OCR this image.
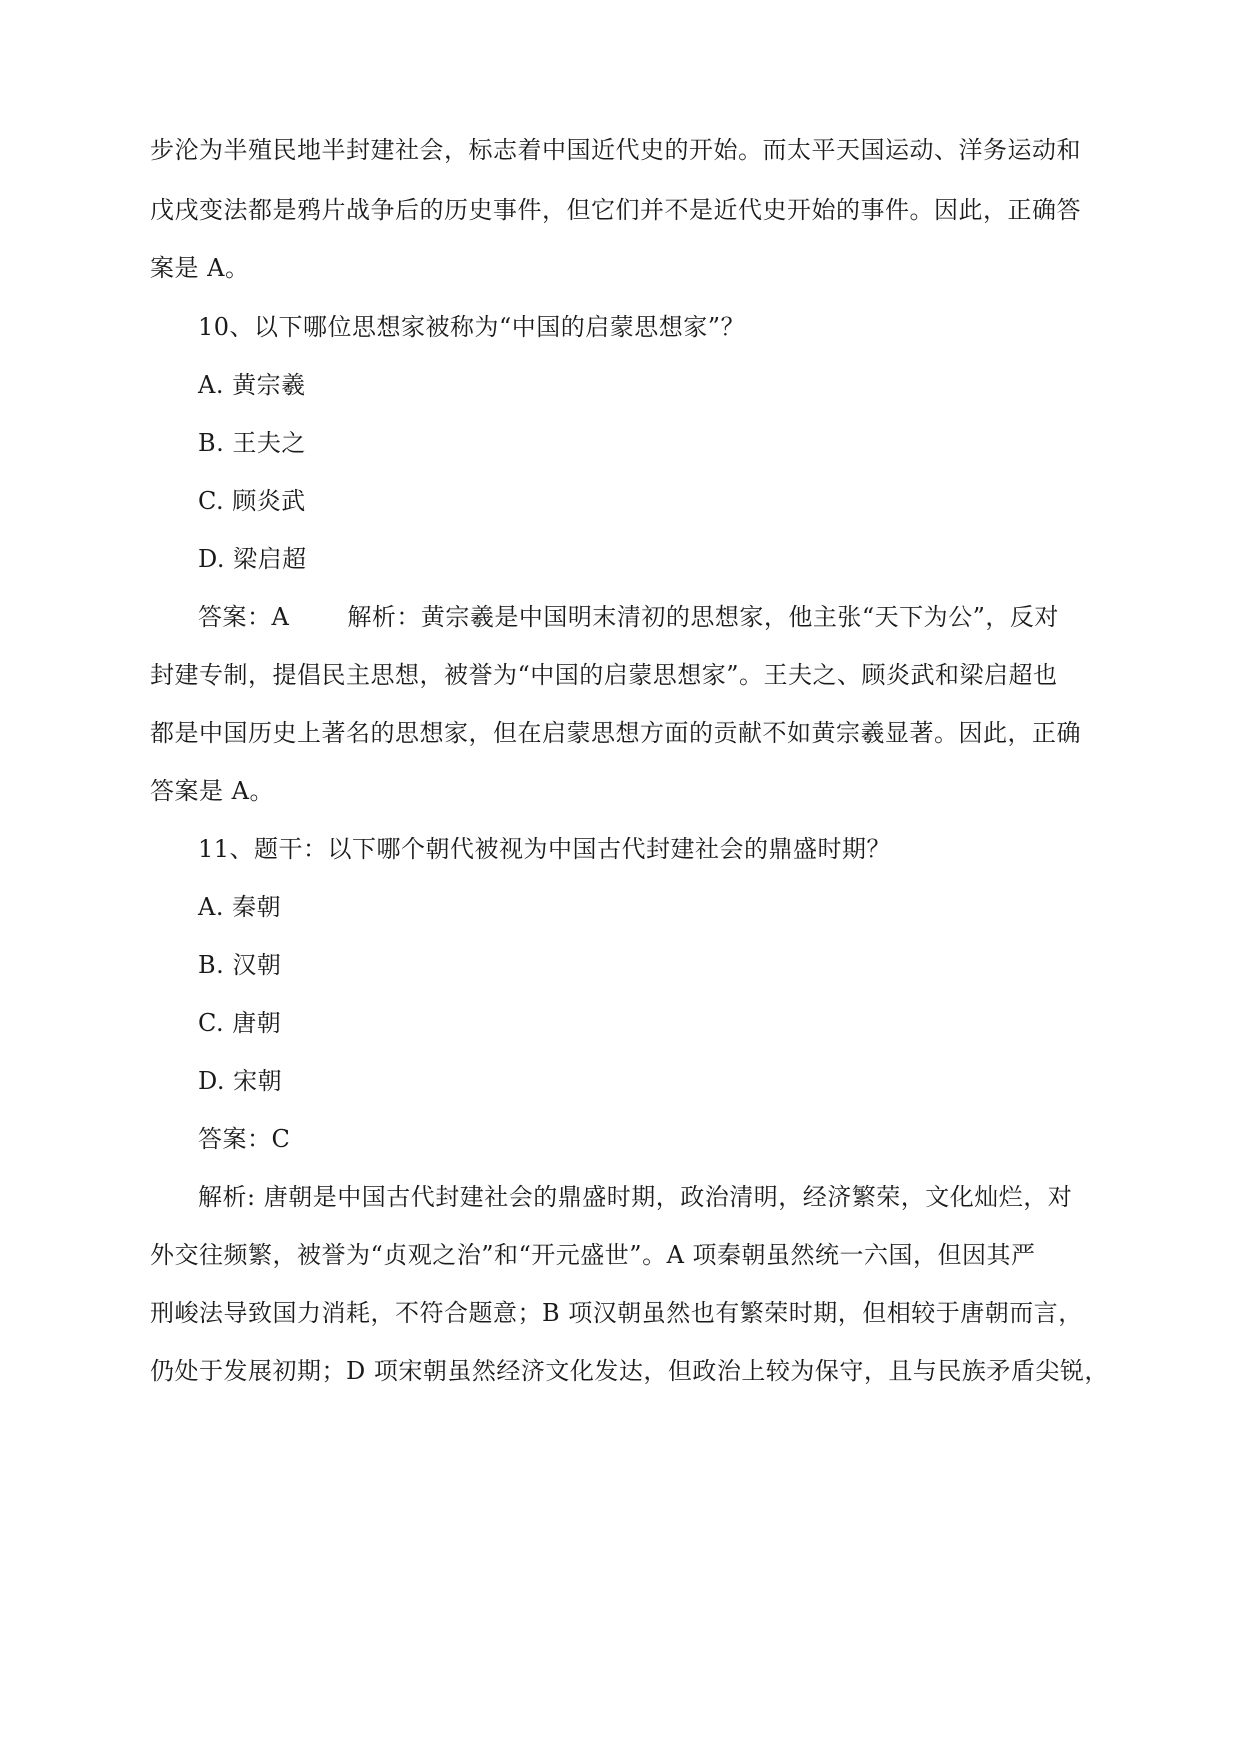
步沦为半殖民地半封建社会，标志着中国近代史的开始。而太平天国运动、洋务运动和
戊戌变法都是鸦片战争后的历史事件，但它们并不是近代史开始的事件。因此，正确答
案是 A。
10、以下哪位思想家被称为“中国的启蒙思想家”？
A. 黄宗羲
B. 王夫之
C. 顾炎武
D. 梁启超
答案：A 解析：黄宗羲是中国明末清初的思想家，他主张“天下为公”，反对
封建专制，提倡民主思想，被誉为“中国的启蒙思想家”。王夫之、顾炎武和梁启超也
都是中国历史上著名的思想家，但在启蒙思想方面的贡献不如黄宗羲显著。因此，正确
答案是 A。
11、题干：以下哪个朝代被视为中国古代封建社会的鼎盛时期？
A. 秦朝
B. 汉朝
C. 唐朝
D. 宋朝
答案：C
解析: 唐朝是中国古代封建社会的鼎盛时期，政治清明，经济繁荣，文化灿烂，对
外交往频繁，被誉为“贞观之治”和“开元盛世”。A 项秦朝虽然统一六国，但因其严
刑峻法导致国力消耗，不符合题意；B 项汉朝虽然也有繁荣时期，但相较于唐朝而言，
仍处于发展初期；D 项宋朝虽然经济文化发达，但政治上较为保守，且与民族矛盾尖锐，
